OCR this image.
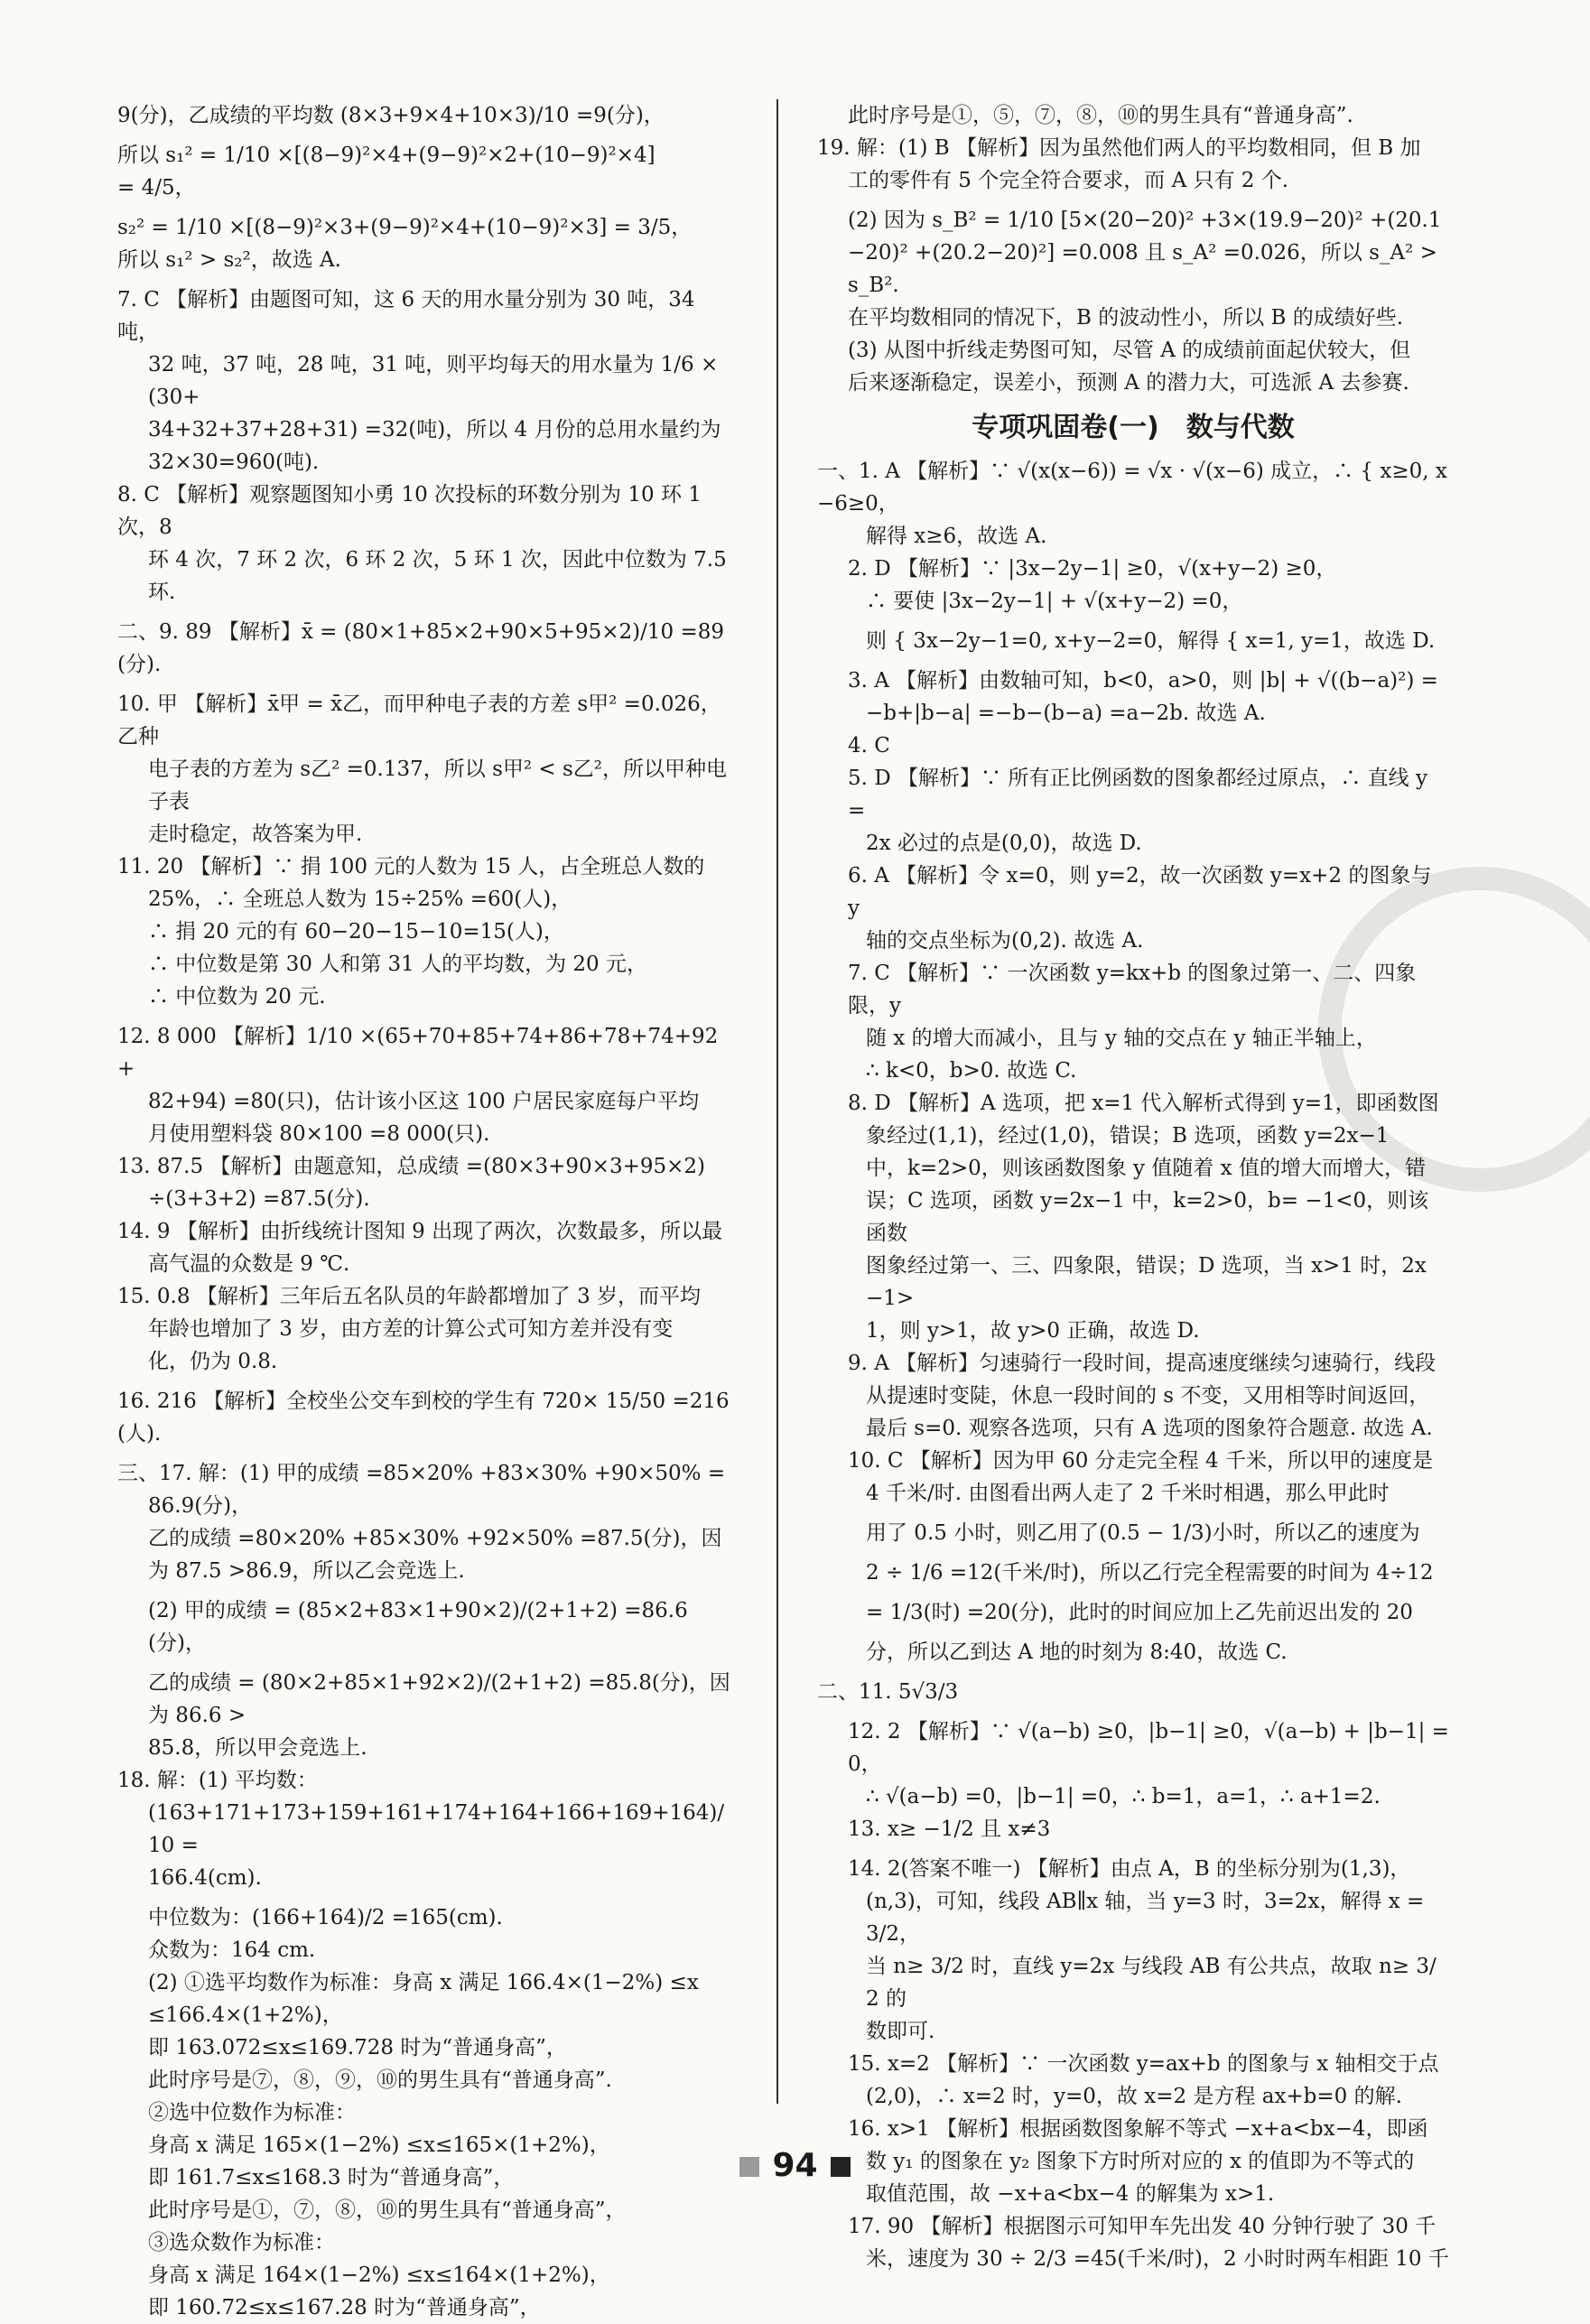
9(分)，乙成绩的平均数 (8×3+9×4+10×3)/10 =9(分)，
所以 s₁² = 1/10 ×[(8−9)²×4+(9−9)²×2+(10−9)²×4]
= 4/5，
s₂² = 1/10 ×[(8−9)²×3+(9−9)²×4+(10−9)²×3] = 3/5，
所以 s₁² > s₂²，故选 A.
7. C 【解析】由题图可知，这 6 天的用水量分别为 30 吨，34 吨，
32 吨，37 吨，28 吨，31 吨，则平均每天的用水量为 1/6 ×(30+
34+32+37+28+31) =32(吨)，所以 4 月份的总用水量约为
32×30=960(吨).
8. C 【解析】观察题图知小勇 10 次投标的环数分别为 10 环 1 次，8
环 4 次，7 环 2 次，6 环 2 次，5 环 1 次，因此中位数为 7.5 环.
二、9. 89 【解析】x̄ = (80×1+85×2+90×5+95×2)/10 =89(分).
10. 甲 【解析】x̄甲 = x̄乙，而甲种电子表的方差 s甲² =0.026，乙种
电子表的方差为 s乙² =0.137，所以 s甲² < s乙²，所以甲种电子表
走时稳定，故答案为甲.
11. 20 【解析】∵ 捐 100 元的人数为 15 人，占全班总人数的
25%，∴ 全班总人数为 15÷25% =60(人)，
∴ 捐 20 元的有 60−20−15−10=15(人)，
∴ 中位数是第 30 人和第 31 人的平均数，为 20 元，
∴ 中位数为 20 元.
12. 8 000 【解析】1/10 ×(65+70+85+74+86+78+74+92+
82+94) =80(只)，估计该小区这 100 户居民家庭每户平均
月使用塑料袋 80×100 =8 000(只).
13. 87.5 【解析】由题意知，总成绩 =(80×3+90×3+95×2)
÷(3+3+2) =87.5(分).
14. 9 【解析】由折线统计图知 9 出现了两次，次数最多，所以最
高气温的众数是 9 ℃.
15. 0.8 【解析】三年后五名队员的年龄都增加了 3 岁，而平均
年龄也增加了 3 岁，由方差的计算公式可知方差并没有变
化，仍为 0.8.
16. 216 【解析】全校坐公交车到校的学生有 720× 15/50 =216(人).
三、17. 解：(1) 甲的成绩 =85×20% +83×30% +90×50% =
86.9(分)，
乙的成绩 =80×20% +85×30% +92×50% =87.5(分)，因
为 87.5 >86.9，所以乙会竞选上.
(2) 甲的成绩 = (85×2+83×1+90×2)/(2+1+2) =86.6(分)，
乙的成绩 = (80×2+85×1+92×2)/(2+1+2) =85.8(分)，因为 86.6 >
85.8，所以甲会竞选上.
18. 解：(1) 平均数：
(163+171+173+159+161+174+164+166+169+164)/10 =
166.4(cm).
中位数为：(166+164)/2 =165(cm).
众数为：164 cm.
(2) ①选平均数作为标准：身高 x 满足 166.4×(1−2%) ≤x
≤166.4×(1+2%)，
即 163.072≤x≤169.728 时为“普通身高”，
此时序号是⑦，⑧，⑨，⑩的男生具有“普通身高”.
②选中位数作为标准：
身高 x 满足 165×(1−2%) ≤x≤165×(1+2%)，
即 161.7≤x≤168.3 时为“普通身高”，
此时序号是①，⑦，⑧，⑩的男生具有“普通身高”，
③选众数作为标准：
身高 x 满足 164×(1−2%) ≤x≤164×(1+2%)，
即 160.72≤x≤167.28 时为“普通身高”，
此时序号是①，⑤，⑦，⑧，⑩的男生具有“普通身高”.
19. 解：(1) B 【解析】因为虽然他们两人的平均数相同，但 B 加
工的零件有 5 个完全符合要求，而 A 只有 2 个.
(2) 因为 s_B² = 1/10 [5×(20−20)² +3×(19.9−20)² +(20.1
−20)² +(20.2−20)²] =0.008 且 s_A² =0.026，所以 s_A² > s_B².
在平均数相同的情况下，B 的波动性小，所以 B 的成绩好些.
(3) 从图中折线走势图可知，尽管 A 的成绩前面起伏较大，但
后来逐渐稳定，误差小，预测 A 的潜力大，可选派 A 去参赛.
专项巩固卷(一)　数与代数
一、1. A 【解析】∵ √(x(x−6)) = √x · √(x−6) 成立，∴ { x≥0, x−6≥0，
解得 x≥6，故选 A.
2. D 【解析】∵ |3x−2y−1| ≥0，√(x+y−2) ≥0，
∴ 要使 |3x−2y−1| + √(x+y−2) =0，
则 { 3x−2y−1=0, x+y−2=0，解得 { x=1, y=1，故选 D.
3. A 【解析】由数轴可知，b<0，a>0，则 |b| + √((b−a)²) =
−b+|b−a| =−b−(b−a) =a−2b. 故选 A.
4. C
5. D 【解析】∵ 所有正比例函数的图象都经过原点，∴ 直线 y =
2x 必过的点是(0,0)，故选 D.
6. A 【解析】令 x=0，则 y=2，故一次函数 y=x+2 的图象与 y
轴的交点坐标为(0,2). 故选 A.
7. C 【解析】∵ 一次函数 y=kx+b 的图象过第一、二、四象限，y
随 x 的增大而减小，且与 y 轴的交点在 y 轴正半轴上，
∴ k<0，b>0. 故选 C.
8. D 【解析】A 选项，把 x=1 代入解析式得到 y=1，即函数图
象经过(1,1)，经过(1,0)，错误；B 选项，函数 y=2x−1
中，k=2>0，则该函数图象 y 值随着 x 值的增大而增大，错
误；C 选项，函数 y=2x−1 中，k=2>0，b= −1<0，则该函数
图象经过第一、三、四象限，错误；D 选项，当 x>1 时，2x−1>
1，则 y>1，故 y>0 正确，故选 D.
9. A 【解析】匀速骑行一段时间，提高速度继续匀速骑行，线段
从提速时变陡，休息一段时间的 s 不变，又用相等时间返回，
最后 s=0. 观察各选项，只有 A 选项的图象符合题意. 故选 A.
10. C 【解析】因为甲 60 分走完全程 4 千米，所以甲的速度是
4 千米/时. 由图看出两人走了 2 千米时相遇，那么甲此时
用了 0.5 小时，则乙用了(0.5 − 1/3)小时，所以乙的速度为
2 ÷ 1/6 =12(千米/时)，所以乙行完全程需要的时间为 4÷12
= 1/3(时) =20(分)，此时的时间应加上乙先前迟出发的 20
分，所以乙到达 A 地的时刻为 8:40，故选 C.
二、11. 5√3/3
12. 2 【解析】∵ √(a−b) ≥0，|b−1| ≥0，√(a−b) + |b−1| =0，
∴ √(a−b) =0，|b−1| =0，∴ b=1，a=1，∴ a+1=2.
13. x≥ −1/2 且 x≠3
14. 2(答案不唯一) 【解析】由点 A，B 的坐标分别为(1,3)，
(n,3)，可知，线段 AB∥x 轴，当 y=3 时，3=2x，解得 x = 3/2，
当 n≥ 3/2 时，直线 y=2x 与线段 AB 有公共点，故取 n≥ 3/2 的
数即可.
15. x=2 【解析】∵ 一次函数 y=ax+b 的图象与 x 轴相交于点
(2,0)，∴ x=2 时，y=0，故 x=2 是方程 ax+b=0 的解.
16. x>1 【解析】根据函数图象解不等式 −x+a<bx−4，即函
数 y₁ 的图象在 y₂ 图象下方时所对应的 x 的值即为不等式的
取值范围，故 −x+a<bx−4 的解集为 x>1.
17. 90 【解析】根据图示可知甲车先出发 40 分钟行驶了 30 千
米，速度为 30 ÷ 2/3 =45(千米/时)，2 小时时两车相距 10 千
94
